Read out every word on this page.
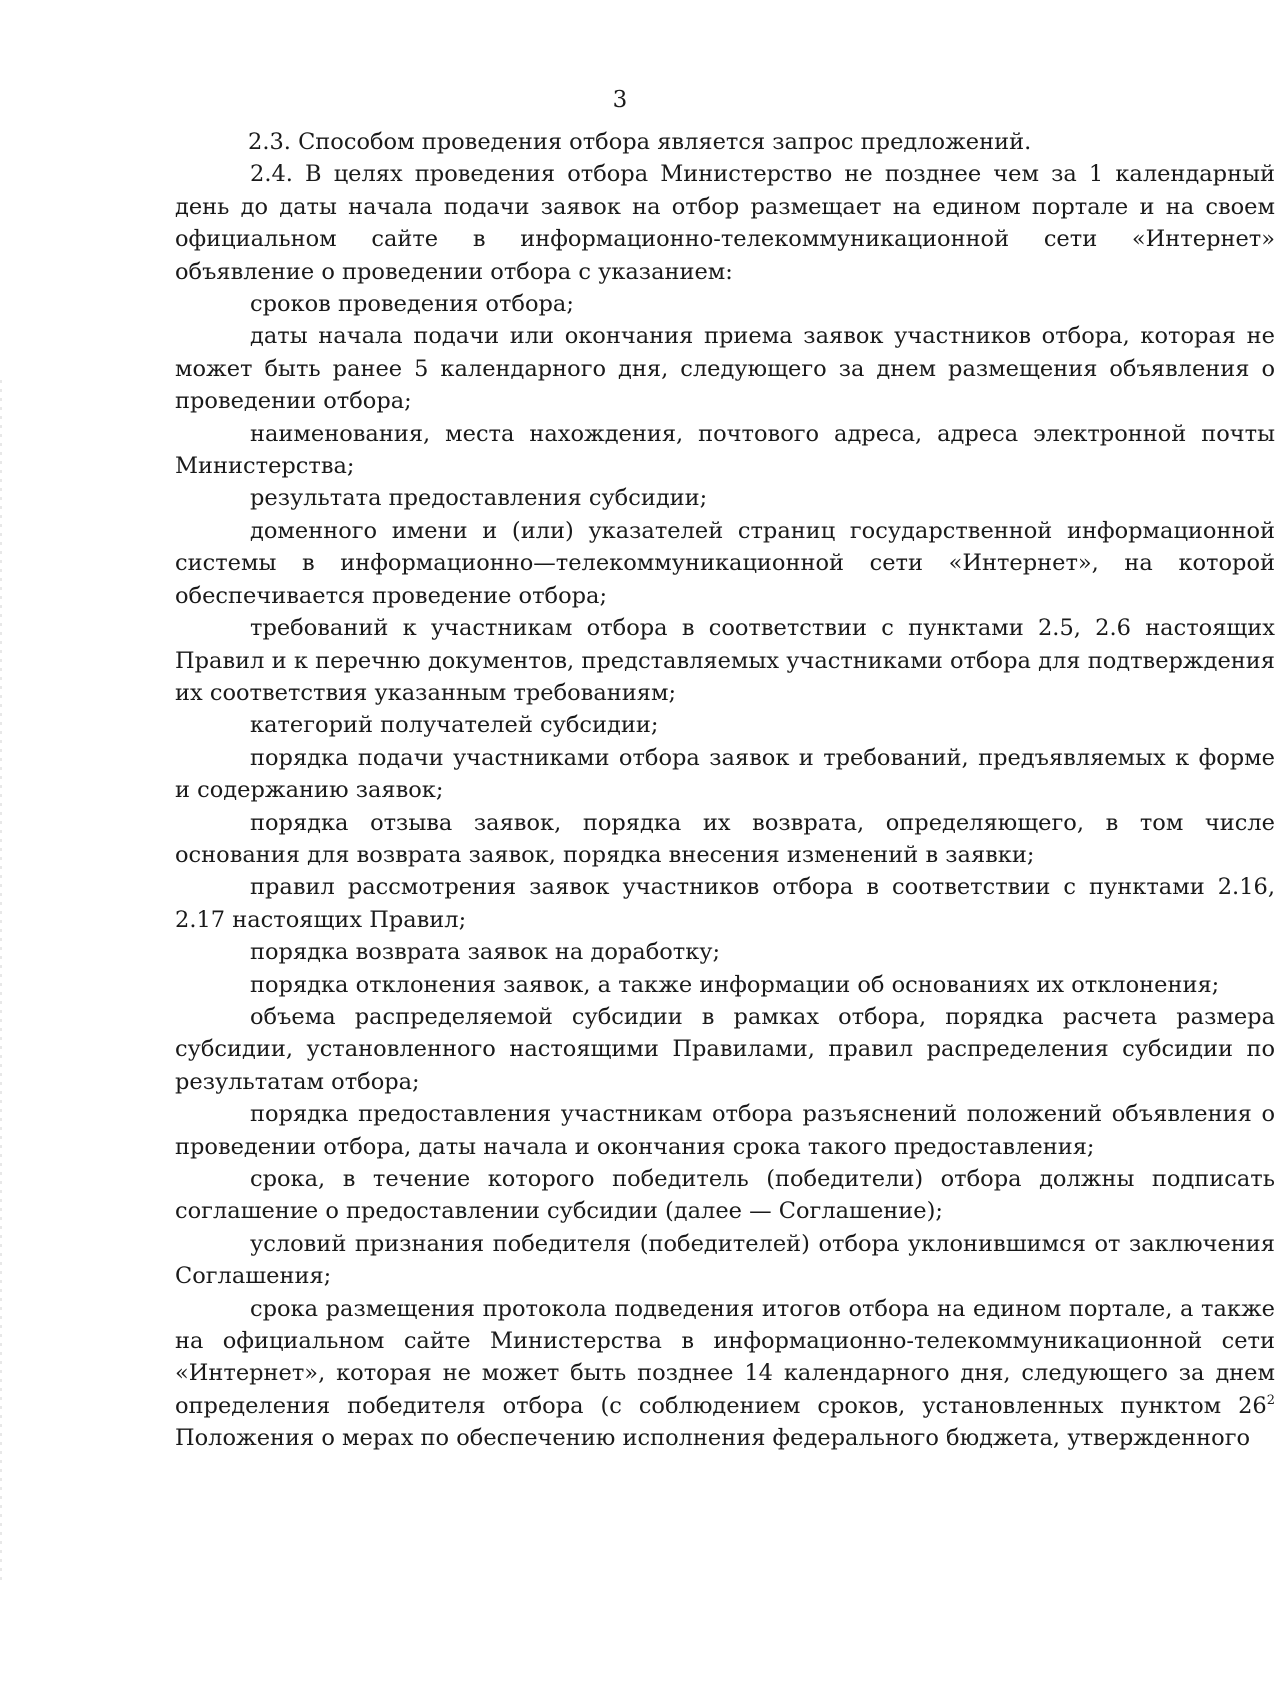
3

2.3. Способом проведения отбора является запрос предложений.

2.4. В целях проведения отбора Министерство не позднее чем за 1 календарный день до даты начала подачи заявок на отбор размещает на едином портале и на своем официальном сайте в информационно-телекоммуникационной сети «Интернет» объявление о проведении отбора с указанием:

сроков проведения отбора;

даты начала подачи или окончания приема заявок участников отбора, которая не может быть ранее 5 календарного дня, следующего за днем размещения объявления о проведении отбора;

наименования, места нахождения, почтового адреса, адреса электронной почты Министерства;

результата предоставления субсидии;

доменного имени и (или) указателей страниц государственной информационной системы в информационно—телекоммуникационной сети «Интернет», на которой обеспечивается проведение отбора;

требований к участникам отбора в соответствии с пунктами 2.5, 2.6 настоящих Правил и к перечню документов, представляемых участниками отбора для подтверждения их соответствия указанным требованиям;

категорий получателей субсидии;

порядка подачи участниками отбора заявок и требований, предъявляемых к форме и содержанию заявок;

порядка отзыва заявок, порядка их возврата, определяющего, в том числе основания для возврата заявок, порядка внесения изменений в заявки;

правил рассмотрения заявок участников отбора в соответствии с пунктами 2.16, 2.17 настоящих Правил;

порядка возврата заявок на доработку;

порядка отклонения заявок, а также информации об основаниях их отклонения;

объема распределяемой субсидии в рамках отбора, порядка расчета размера субсидии, установленного настоящими Правилами, правил распределения субсидии по результатам отбора;

порядка предоставления участникам отбора разъяснений положений объявления о проведении отбора, даты начала и окончания срока такого предоставления;

срока, в течение которого победитель (победители) отбора должны подписать соглашение о предоставлении субсидии (далее — Соглашение);

условий признания победителя (победителей) отбора уклонившимся от заключения Соглашения;

срока размещения протокола подведения итогов отбора на едином портале, а также на официальном сайте Министерства в информационно-телекоммуникационной сети «Интернет», которая не может быть позднее 14 календарного дня, следующего за днем определения победителя отбора (с соблюдением сроков, установленных пунктом $26^2$ Положения о мерах по обеспечению исполнения федерального бюджета, утвержденного
